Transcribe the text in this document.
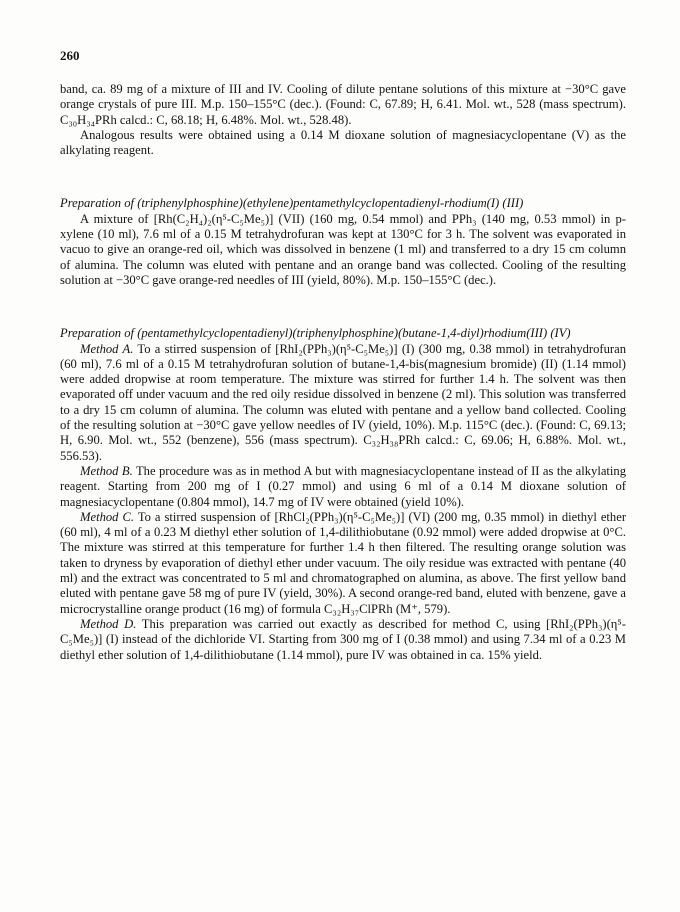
260

band, ca. 89 mg of a mixture of III and IV. Cooling of dilute pentane solutions of this mixture at −30°C gave orange crystals of pure III. M.p. 150–155°C (dec.). (Found: C, 67.89; H, 6.41. Mol. wt., 528 (mass spectrum). C₃₀H₃₄PRh calcd.: C, 68.18; H, 6.48%. Mol. wt., 528.48).

Analogous results were obtained using a 0.14 M dioxane solution of magnesiacyclopentane (V) as the alkylating reagent.

Preparation of (triphenylphosphine)(ethylene)pentamethylcyclopentadienyl-rhodium(I) (III)

A mixture of [Rh(C₂H₄)₂(η⁵-C₅Me₅)] (VII) (160 mg, 0.54 mmol) and PPh₃ (140 mg, 0.53 mmol) in p-xylene (10 ml), 7.6 ml of a 0.15 M tetrahydrofuran was kept at 130°C for 3 h. The solvent was evaporated in vacuo to give an orange-red oil, which was dissolved in benzene (1 ml) and transferred to a dry 15 cm column of alumina. The column was eluted with pentane and an orange band was collected. Cooling of the resulting solution at −30°C gave orange-red needles of III (yield, 80%). M.p. 150–155°C (dec.).

Preparation of (pentamethylcyclopentadienyl)(triphenylphosphine)(butane-1,4-diyl)rhodium(III) (IV)

Method A. To a stirred suspension of [RhI₂(PPh₃)(η⁵-C₅Me₅)] (I) (300 mg, 0.38 mmol) in tetrahydrofuran (60 ml), 7.6 ml of a 0.15 M tetrahydrofuran solution of butane-1,4-bis(magnesium bromide) (II) (1.14 mmol) were added dropwise at room temperature. The mixture was stirred for further 1.4 h. The solvent was then evaporated off under vacuum and the red oily residue dissolved in benzene (2 ml). This solution was transferred to a dry 15 cm column of alumina. The column was eluted with pentane and a yellow band collected. Cooling of the resulting solution at −30°C gave yellow needles of IV (yield, 10%). M.p. 115°C (dec.). (Found: C, 69.13; H, 6.90. Mol. wt., 552 (benzene), 556 (mass spectrum). C₃₂H₃₈PRh calcd.: C, 69.06; H, 6.88%. Mol. wt., 556.53).

Method B. The procedure was as in method A but with magnesiacyclopentane instead of II as the alkylating reagent. Starting from 200 mg of I (0.27 mmol) and using 6 ml of a 0.14 M dioxane solution of magnesiacyclopentane (0.804 mmol), 14.7 mg of IV were obtained (yield 10%).

Method C. To a stirred suspension of [RhCl₂(PPh₃)(η⁵-C₅Me₅)] (VI) (200 mg, 0.35 mmol) in diethyl ether (60 ml), 4 ml of a 0.23 M diethyl ether solution of 1,4-dilithiobutane (0.92 mmol) were added dropwise at 0°C. The mixture was stirred at this temperature for further 1.4 h then filtered. The resulting orange solution was taken to dryness by evaporation of diethyl ether under vacuum. The oily residue was extracted with pentane (40 ml) and the extract was concentrated to 5 ml and chromatographed on alumina, as above. The first yellow band eluted with pentane gave 58 mg of pure IV (yield, 30%). A second orange-red band, eluted with benzene, gave a microcrystalline orange product (16 mg) of formula C₃₂H₃₇ClPRh (M⁺, 579).

Method D. This preparation was carried out exactly as described for method C, using [RhI₂(PPh₃)(η⁵-C₅Me₅)] (I) instead of the dichloride VI. Starting from 300 mg of I (0.38 mmol) and using 7.34 ml of a 0.23 M diethyl ether solution of 1,4-dilithiobutane (1.14 mmol), pure IV was obtained in ca. 15% yield.
